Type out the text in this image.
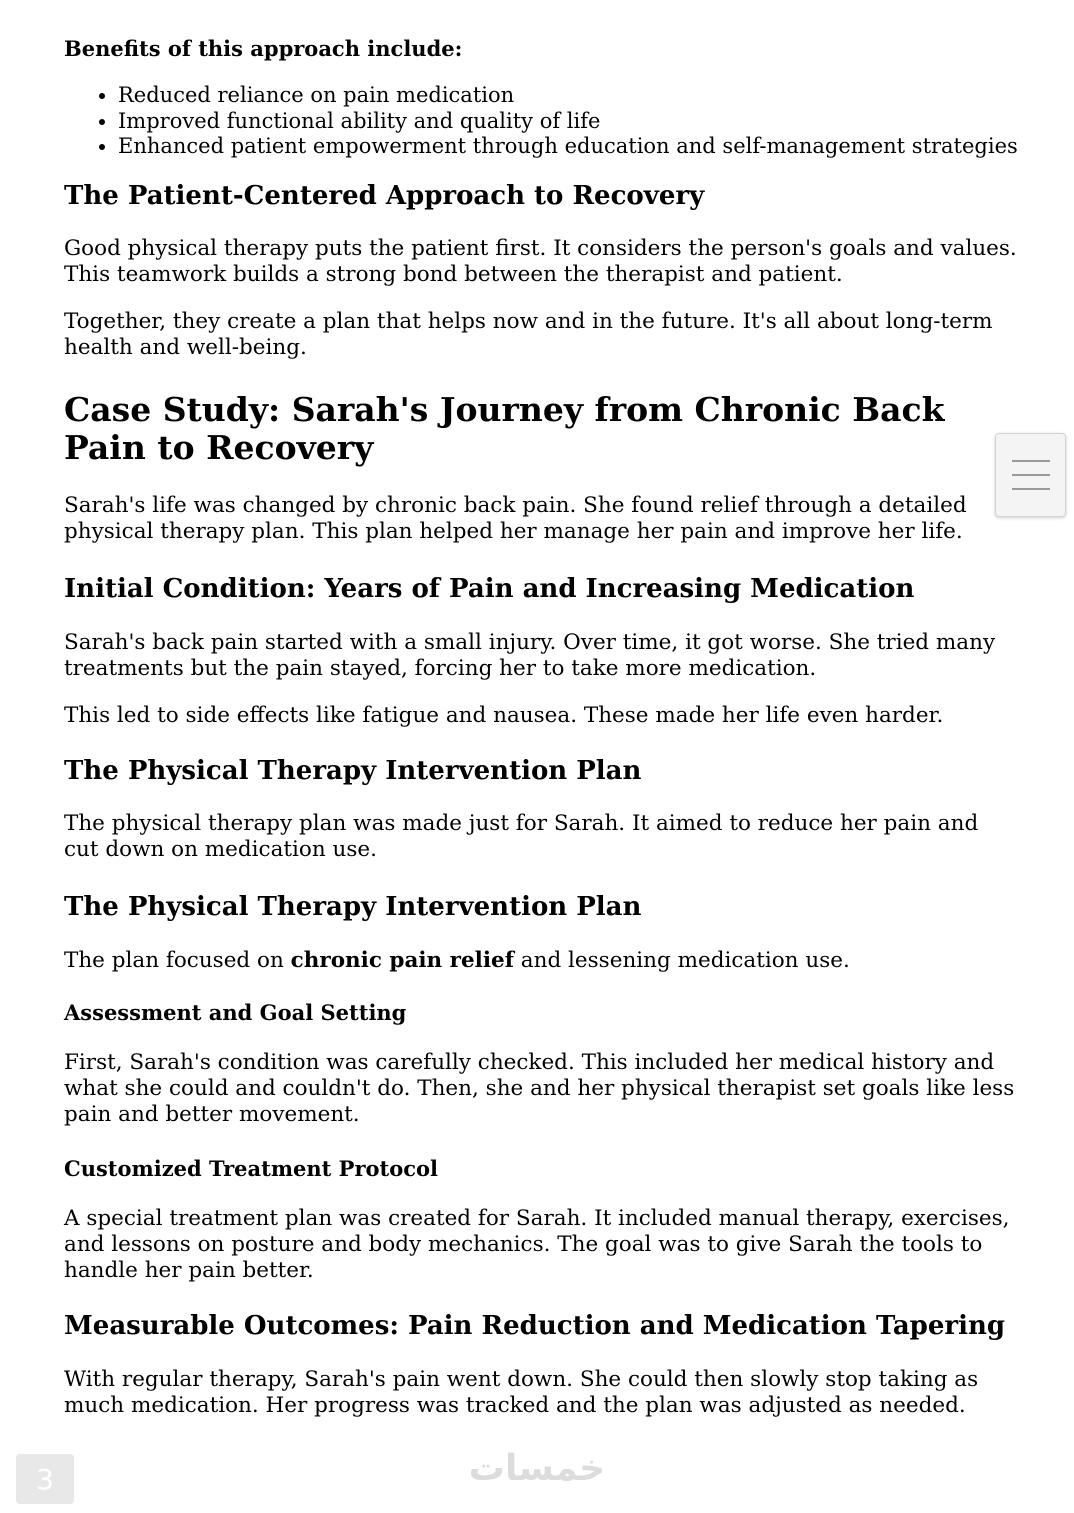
Benefits of this approach include:

• Reduced reliance on pain medication
• Improved functional ability and quality of life
• Enhanced patient empowerment through education and self-management strategies
The Patient-Centered Approach to Recovery

Good physical therapy puts the patient first. It considers the person's goals and values. This teamwork builds a strong bond between the therapist and patient.

Together, they create a plan that helps now and in the future. It's all about long-term health and well-being.

Case Study: Sarah's Journey from Chronic Back Pain to Recovery

Sarah's life was changed by chronic back pain. She found relief through a detailed physical therapy plan. This plan helped her manage her pain and improve her life.

Initial Condition: Years of Pain and Increasing Medication

Sarah's back pain started with a small injury. Over time, it got worse. She tried many treatments but the pain stayed, forcing her to take more medication.

This led to side effects like fatigue and nausea. These made her life even harder.

The Physical Therapy Intervention Plan

The physical therapy plan was made just for Sarah. It aimed to reduce her pain and cut down on medication use.

The Physical Therapy Intervention Plan

The plan focused on chronic pain relief and lessening medication use.

Assessment and Goal Setting

First, Sarah's condition was carefully checked. This included her medical history and what she could and couldn't do. Then, she and her physical therapist set goals like less pain and better movement.

Customized Treatment Protocol

A special treatment plan was created for Sarah. It included manual therapy, exercises, and lessons on posture and body mechanics. The goal was to give Sarah the tools to handle her pain better.

Measurable Outcomes: Pain Reduction and Medication Tapering

With regular therapy, Sarah's pain went down. She could then slowly stop taking as much medication. Her progress was tracked and the plan was adjusted as needed.

3	خمسات
